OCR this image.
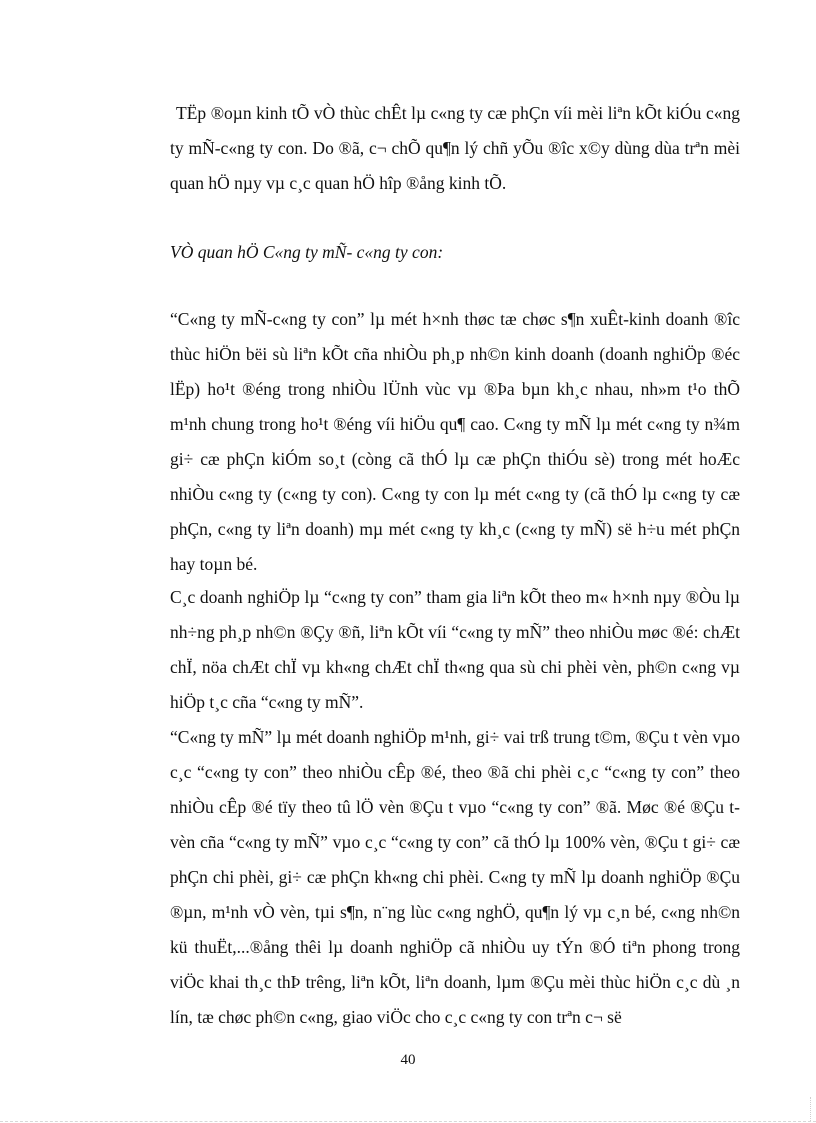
TËp ®oµn kinh tÕ vÒ thùc chÊt lµ c«ng ty cæ phÇn víi mèi liªn kÕt kiÓu c«ng ty mÑ-c«ng ty con. Do ®ã, c¬ chÕ qu¶n lý chñ yÕu ®îc x©y dùng dùa trªn mèi quan hÖ nµy vµ c¸c quan hÖ hîp ®ång kinh tÕ.

VÒ quan hÖ C«ng ty mÑ- c«ng ty con:

“C«ng ty mÑ-c«ng ty con” lµ mét h×nh thøc tæ chøc s¶n xuÊt-kinh doanh ®îc thùc hiÖn bëi sù liªn kÕt cña nhiÒu ph¸p nh©n kinh doanh (doanh nghiÖp ®éc lËp) ho¹t ®éng trong nhiÒu lÜnh vùc vµ ®Þa bµn kh¸c nhau, nh»m t¹o thÕ m¹nh chung trong ho¹t ®éng víi hiÖu qu¶ cao. C«ng ty mÑ lµ mét c«ng ty n¾m gi÷ cæ phÇn kiÓm so¸t (còng cã thÓ lµ cæ phÇn thiÓu sè) trong mét hoÆc nhiÒu c«ng ty (c«ng ty con). C«ng ty con lµ mét c«ng ty (cã thÓ lµ c«ng ty cæ phÇn, c«ng ty liªn doanh) mµ mét c«ng ty kh¸c (c«ng ty mÑ) së h÷u mét phÇn hay toµn bé.

C¸c doanh nghiÖp lµ “c«ng ty con” tham gia liªn kÕt theo m« h×nh nµy ®Òu lµ nh÷ng ph¸p nh©n ®Çy ®ñ, liªn kÕt víi “c«ng ty mÑ” theo nhiÒu møc ®é: chÆt chÏ, nöa chÆt chÏ vµ kh«ng chÆt chÏ th«ng qua sù chi phèi vèn, ph©n c«ng vµ hiÖp t¸c cña “c«ng ty mÑ”.

“C«ng ty mÑ” lµ mét doanh nghiÖp m¹nh, gi÷ vai trß trung t©m, ®Çu t vèn vµo c¸c “c«ng ty con” theo nhiÒu cÊp ®é, theo ®ã chi phèi c¸c “c«ng ty con” theo nhiÒu cÊp ®é tïy theo tû lÖ vèn ®Çu t vµo “c«ng ty con” ®ã. Møc ®é ®Çu t vèn cña “c«ng ty mÑ” vµo c¸c “c«ng ty con” cã thÓ lµ 100% vèn, ®Çu t gi÷ cæ phÇn chi phèi, gi÷ cæ phÇn kh«ng chi phèi. C«ng ty mÑ lµ doanh nghiÖp ®Çu ®µn, m¹nh vÒ vèn, tµi s¶n, n¨ng lùc c«ng nghÖ, qu¶n lý vµ c¸n bé, c«ng nh©n kü thuËt,...®ång thêi lµ doanh nghiÖp cã nhiÒu uy tÝn ®Ó tiªn phong trong viÖc khai th¸c thÞ trêng, liªn kÕt, liªn doanh, lµm ®Çu mèi thùc hiÖn c¸c dù ¸n lín, tæ chøc ph©n c«ng, giao viÖc cho c¸c c«ng ty con trªn c¬ së

40
